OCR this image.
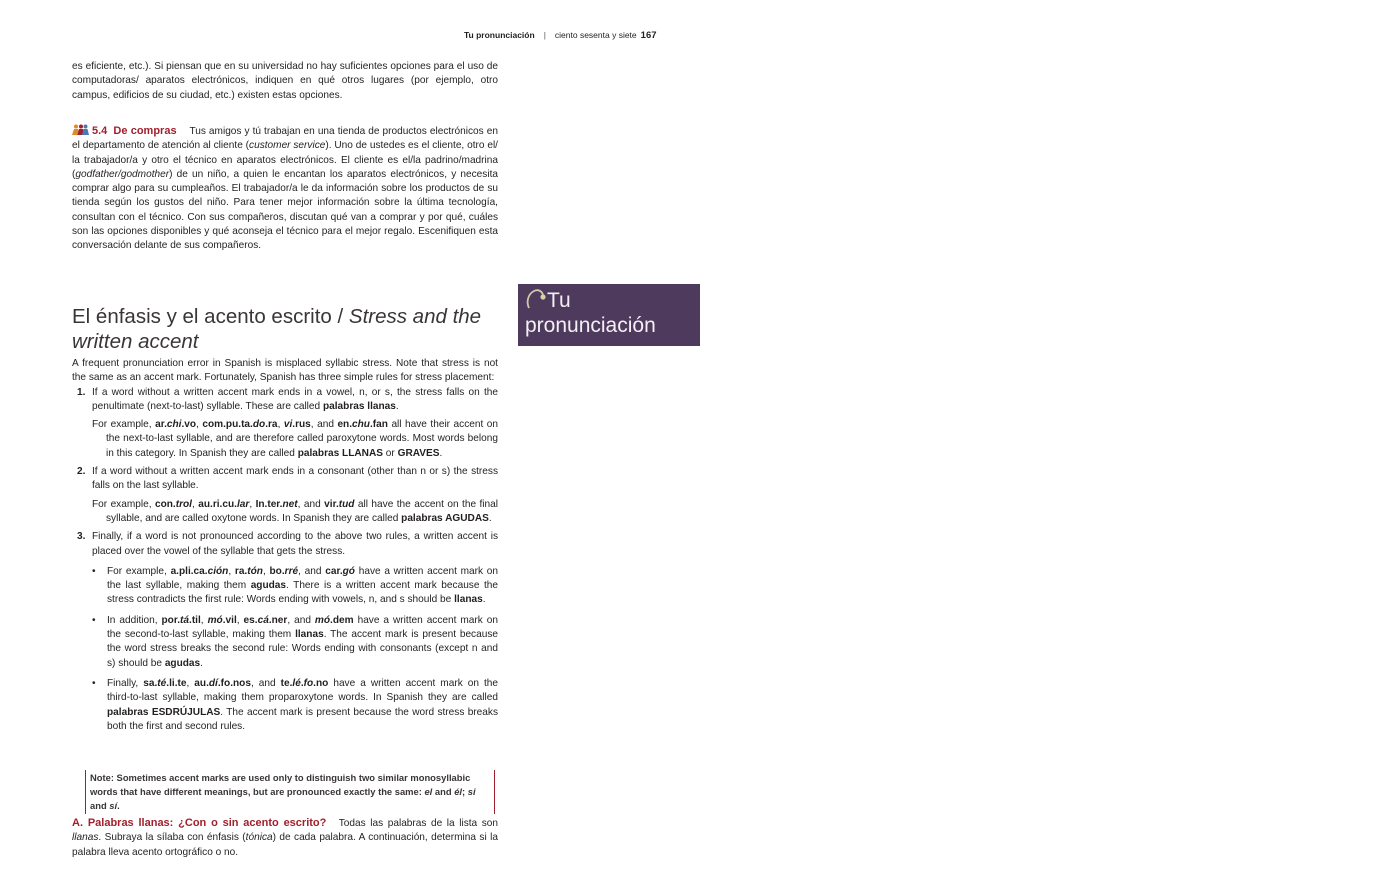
Tu pronunciación | ciento sesenta y siete 167

es eficiente, etc.). Si piensan que en su universidad no hay suficientes opciones para el uso de computadoras/ aparatos electrónicos, indiquen en qué otros lugares (por ejemplo, otro campus, edificios de su ciudad, etc.) existen estas opciones.

5.4 De compras Tus amigos y tú trabajan en una tienda de productos electrónicos en el departamento de atención al cliente (customer service). Uno de ustedes es el cliente, otro el/ la trabajador/a y otro el técnico en aparatos electrónicos. El cliente es el/la padrino/madrina (godfather/godmother) de un niño, a quien le encantan los aparatos electrónicos, y necesita comprar algo para su cumpleaños. El trabajador/a le da información sobre los productos de su tienda según los gustos del niño. Para tener mejor información sobre la última tecnología, consultan con el técnico. Con sus compañeros, discutan qué van a comprar y por qué, cuáles son las opciones disponibles y qué aconseja el técnico para el mejor regalo. Escenifiquen esta conversación delante de sus compañeros.

El énfasis y el acento escrito / Stress and the written accent
Tu pronunciación

A frequent pronunciation error in Spanish is misplaced syllabic stress. Note that stress is not the same as an accent mark. Fortunately, Spanish has three simple rules for stress placement:

1. If a word without a written accent mark ends in a vowel, n, or s, the stress falls on the penultimate (next-to-last) syllable. These are called palabras llanas.

For example, ar.chi.vo, com.pu.ta.do.ra, vi.rus, and en.chu.fan all have their accent on the next-to-last syllable, and are therefore called paroxytone words. Most words belong in this category. In Spanish they are called palabras LLANAS or GRAVES.

2. If a word without a written accent mark ends in a consonant (other than n or s) the stress falls on the last syllable.

For example, con.trol, au.ri.cu.lar, In.ter.net, and vir.tud all have the accent on the final syllable, and are called oxytone words. In Spanish they are called palabras AGUDAS.

3. Finally, if a word is not pronounced according to the above two rules, a written accent is placed over the vowel of the syllable that gets the stress.

• For example, a.pli.ca.ción, ra.tón, bo.rré, and car.gó have a written accent mark on the last syllable, making them agudas. There is a written accent mark because the stress contradicts the first rule: Words ending with vowels, n, and s should be llanas.
• In addition, por.tá.til, mó.vil, es.cá.ner, and mó.dem have a written accent mark on the second-to-last syllable, making them llanas. The accent mark is present because the word stress breaks the second rule: Words ending with consonants (except n and s) should be agudas.
• Finally, sa.té.li.te, au.dí.fo.nos, and te.lé.fo.no have a written accent mark on the third-to-last syllable, making them proparoxytone words. In Spanish they are called palabras ESDRÚJULAS. The accent mark is present because the word stress breaks both the first and second rules.
Note: Sometimes accent marks are used only to distinguish two similar monosyllabic words that have different meanings, but are pronounced exactly the same: el and él; si and sí.

A. Palabras llanas: ¿Con o sin acento escrito? Todas las palabras de la lista son llanas. Subraya la sílaba con énfasis (tónica) de cada palabra. A continuación, determina si la palabra lleva acento ortográfico o no.
